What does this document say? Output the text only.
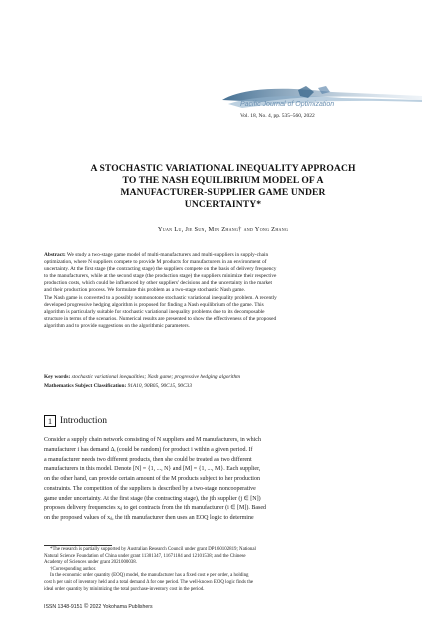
Pacific Journal of Optimization
Vol. 18, No. 4, pp. 535–560, 2022
A STOCHASTIC VARIATIONAL INEQUALITY APPROACH
TO THE NASH EQUILIBRIUM MODEL OF A
MANUFACTURER-SUPPLIER GAME UNDER
UNCERTAINTY*
Yuan Lu, Jie Sun, Min Zhang† and Yong Zhang
Abstract: We study a two-stage game model of multi-manufacturers and multi-suppliers in supply-chain
optimization, where N suppliers compete to provide M products for manufacturers in an environment of
uncertainty. At the first stage (the contracting stage) the suppliers compete on the basis of delivery frequency
to the manufacturers, while at the second stage (the production stage) the suppliers minimize their respective
production costs, which could be influenced by other suppliers' decisions and the uncertainty in the market
and their production process. We formulate this problem as a two-stage stochastic Nash game.
The Nash game is converted to a possibly nonmonotone stochastic variational inequality problem. A recently
developed progressive hedging algorithm is proposed for finding a Nash equilibrium of the game. This
algorithm is particularly suitable for stochastic variational inequality problems due to its decomposable
structure in terms of the scenarios. Numerical results are presented to show the effectiveness of the proposed
algorithm and to provide suggestions on the algorithmic parameters.
Key words: stochastic variational inequalities; Nash game; progressive hedging algorithm
Mathematics Subject Classification: 91A10, 90B05, 90C15, 90C33
1 Introduction

Consider a supply chain network consisting of N suppliers and M manufacturers, in which

manufacturer i has demand Δᵢ (could be random) for product i within a given period. If

a manufacturer needs two different products, then she could be treated as two different

manufacturers in this model. Denote [N] = {1, ..., N} and [M] = {1, ..., M}. Each supplier,

on the other hand, can provide certain amount of the M products subject to her production

constraints. The competition of the suppliers is described by a two-stage noncooperative

game under uncertainty. At the first stage (the contracting stage), the jth supplier (j ∈ [N])

proposes delivery frequencies xᵢⱼ to get contracts from the ith manufacturer (i ∈ [M]). Based

on the proposed values of xᵢⱼ, the ith manufacturer then uses an EOQ logic to determine

*The research is partially supported by Australian Research Council under grant DP160102819; National

Natural Science Foundation of China under grant 11301347, 11671184 and 12101538; and the Chinese

Academy of Sciences under grant 2021000038.

†Corresponding author.

In the economic order quantity (EOQ) model, the manufacturer has a fixed cost e per order, a holding

cost h per unit of inventory held and a total demand Δ for one period. The well-known EOQ logic finds the

ideal order quantity by minimizing the total purchase-inventory cost in the period.

ISSN 1348-9151 © 2022 Yokohama Publishers
